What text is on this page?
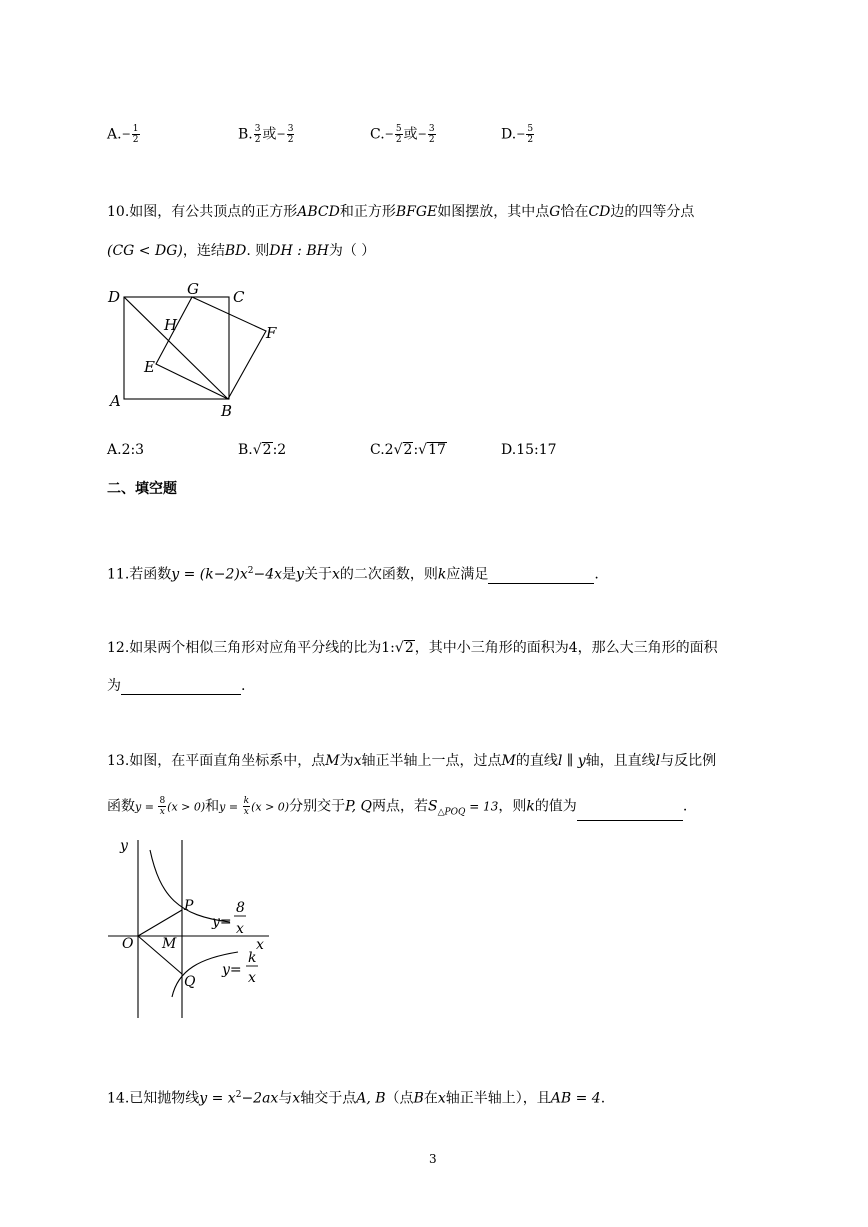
$A.- \frac{1}{2}$	B. $\frac{3}{2}$ 或− $\frac{3}{2}$	$C.- \frac{5}{2}$ 或− $\frac{3}{2}$	$D.- \frac{5}{2}$
10.如图，有公共顶点的正方形ABCD和正方形BFGE如图摆放，其中点G恰在CD边的四等分点
(CG < DG)，连结BD. 则DH : BH为（ ）
D	G C
H	F
E
A
B
A.2:3	B.√2:2	C.2√2:√17	D.15:17
二、填空题
11.若函数$y = (k-2)x^2-4x$是y关于x的二次函数，则k应满足	.
12.如果两个相似三角形对应角平分线的比为1:√2，其中小三角形的面积为4，那么大三角形的面积
为	.
13.如图，在平面直角坐标系中，点M为x轴正半轴上一点，过点M的直线l ∥ y轴，且直线l与反比例
函数$y = \frac{8}{x} (x > 0)$和$y = \frac{k}{x} (x > 0)$分别交于P, Q两点，若$S_{\triangle POQ} = 13$，则k的值为	.
y
x
O M
P
Q
y=
8
x
y=
k
x
14.已知抛物线$y = x^2-2ax$与x轴交于点A, B（点B在x轴正半轴上），且AB = 4.
3
